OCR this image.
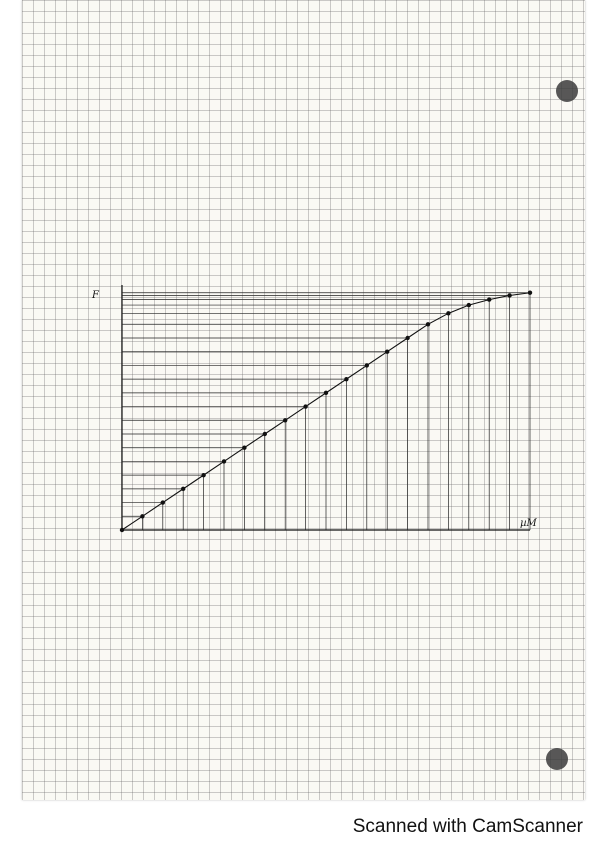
µM
F
Scanned with CamScanner
